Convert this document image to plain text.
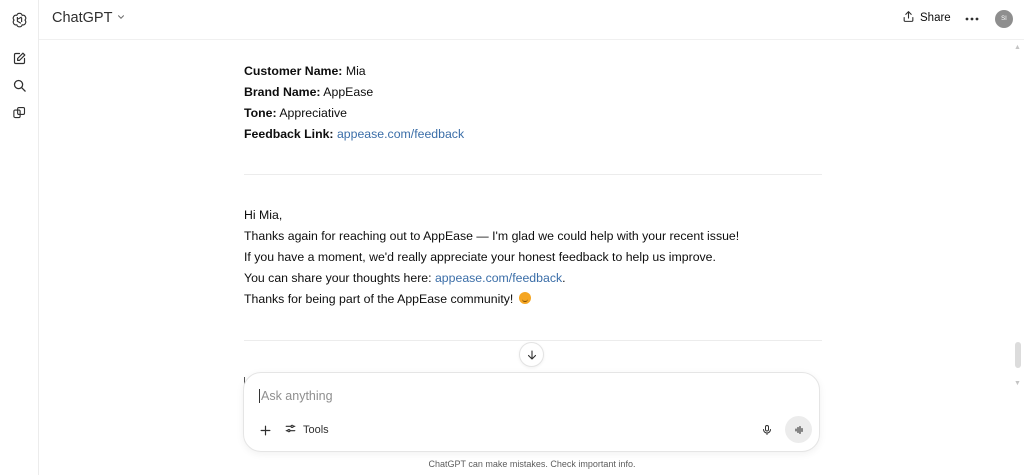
ChatGPT	Share	SI
Customer Name: Mia
Brand Name: AppEase
Tone: Appreciative
Feedback Link: appease.com/feedback
Hi Mia,
Thanks again for reaching out to AppEase — I'm glad we could help with your recent issue!
If you have a moment, we'd really appreciate your honest feedback to help us improve.
You can share your thoughts here: appease.com/feedback.
Thanks for being part of the AppEase community!
Ask anything
Tools
ChatGPT can make mistakes. Check important info.
▲
▼
